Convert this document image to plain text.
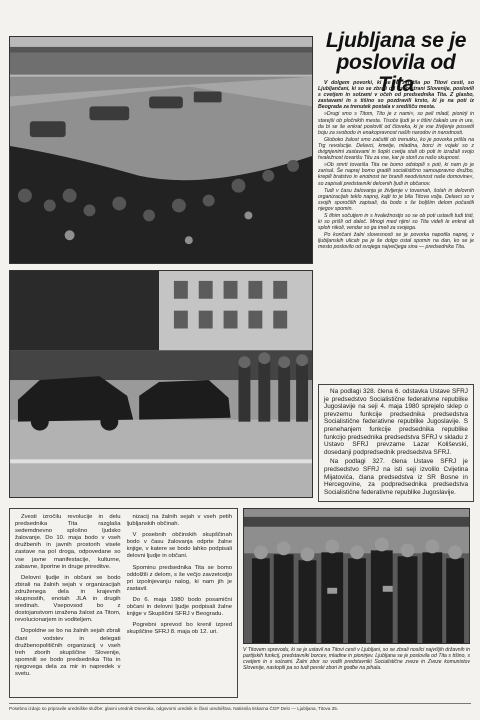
Ljubljana se je poslovila od Tita

V dolgem povorki, ki se je zvrstila po Titovi cesti, so Ljubljančani, ki so se zbrali od vseh strani Slovenije, poslovili s cvetjem in solzami v očeh od predsednika Tita. Z glasbo, zastavami in s tišino so pozdravili krsto, ki je na poti iz Beograda za trenutek postala v središču mesta.

»Drugi smo s Titom, Tito je z nami«, so peli mladi, pionirji in starejši ob pločnikih mesta. Tisoče ljudi je v tišini čakalo ure in ure, da bi se še enkrat poslovili od človeka, ki je vse življenje posvetil boju za svobodo in enakopravnost naših narodov in narodnosti.

Globoko žalost smo začutili ob trenutku, ko je povorka prišla na Trg revolucije. Delavci, kmetje, mladina, borci in vojaki so z dvignjenimi zastavami in šopki cvetja stali ob poti in izražali svojo hvaležnost tovarišu Titu za vse, kar je storil za našo skupnost.

»Ob smrti tovariša Tita ne bomo odstopili s poti, ki nam jo je zarisal. Še naprej bomo gradili socialistično samoupravno družbo, krepili bratstvo in enotnost ter branili neodvisnost naše domovine«, so zapisali predstavniki delovnih ljudi in občanov.

Tudi v času žalovanja je življenje v tovarnah, šolah in delovnih organizacijah teklo naprej, kajti to je bila Titova volja. Delavci so v svojih sporočilih zapisali, da bodo s še boljšim delom počastili njegov spomin.

S tihim sočutjem in s hvaležnostjo so se ob poti ustavili tudi tisti, ki so prišli od daleč. Mnogi med njimi so Tita videli le enkrat ali sploh nikoli, vendar so ga imeli za svojega.

Po končani žalni slovesnosti se je povorka napotila naprej, v ljubljanskih ulicah pa je še dolgo ostal spomin na dan, ko se je mesto poslovilo od svojega največjega sina — predsednika Tita.

Na podlagi 328. člena 6. odstavka Ustave SFRJ je predsedstvo Socialistične federativne republike Jugoslavije na seji 4. maja 1980 sprejelo sklep o prevzemu funkcije predsednika predsedstva Socialistične federativne republike Jugoslavije. S prenehanjem funkcije predsednika republike funkcijo predsednika predsedstva SFRJ v skladu z Ustavo SFRJ prevzame Lazar Koliševski, dosedanji podpredsednik predsedstva SFRJ.

Na podlagi 327. člena Ustave SFRJ je predsedstvo SFRJ na isti seji izvolilo Cvijetina Mijatovića, člana predsedstva iz SR Bosne in Hercegovine, za podpredsednika predsedstva Socialistične federativne republike Jugoslavije.

Zvesti izročilu revolucije in delu predsednika Tita razglaša sedemdnevno splošno ljudsko žalovanje. Do 10. maja bodo v vseh družbenih in javnih prostorih visele zastave na pol droga, odpovedane so vse javne manifestacije, kulturne, zabavne, športne in druge prireditve.

Delovni ljudje in občani se bodo zbirali na žalnih sejah v organizacijah združenega dela in krajevnih skupnostih, enotah JLA in drugih sredinah. Vsepovsod bo z dostojanstvom izražena žalost za Titom, revolucionarjem in voditeljem.

Dopoldne se bo na žalnih sejah zbrali člani vodstev in delegati družbenopolitičnih organizacij v vseh treh zborih skupščine Slovenije, spomnili se bodo predsednika Tita in njegovega dela za mir in napredek v svetu.

nizacij na žalnih sejah v vseh petih ljubljanskih občinah.

V posebnih občinskih skupščinah bodo v času žalovanja odprte žalne knjige, v katere se bodo lahko podpisali delovni ljudje in občani.

Spominu predsednika Tita se bomo oddolžili z delom, s še večjo zavzetostjo pri izpolnjevanju nalog, ki nam jih je zastavil.

Do 6. maja 1980 bodo posamični občani in delovni ljudje podpisali žalne knjige v Skupščini SFRJ v Beogradu.

Pogrebni sprevod bo krenil izpred skupščine SFRJ 8. maja ob 12. uri.

V Titovem sprevodu, ki se je ustavil na Titovi cesti v Ljubljani, so se zbrali nosilci najvišjih državnih in partijskih funkcij, predstavniki borcev, mladine in pionirjev. Ljubljana se je poslovila od Tita s tišino, s cvetjem in s solzami. Žalni zbor so vodili predstavniki Socialistične zveze in Zveze komunistov Slovenije, nastopili pa so tudi pevski zbori in godbe na pihala.
Posebno izdajo so pripravile uredniške službe: glavni urednik Dnevnika, odgovorni urednik in člani uredništva. Natisnila tiskarna ČGP Delo — Ljubljana, Titova 35.
